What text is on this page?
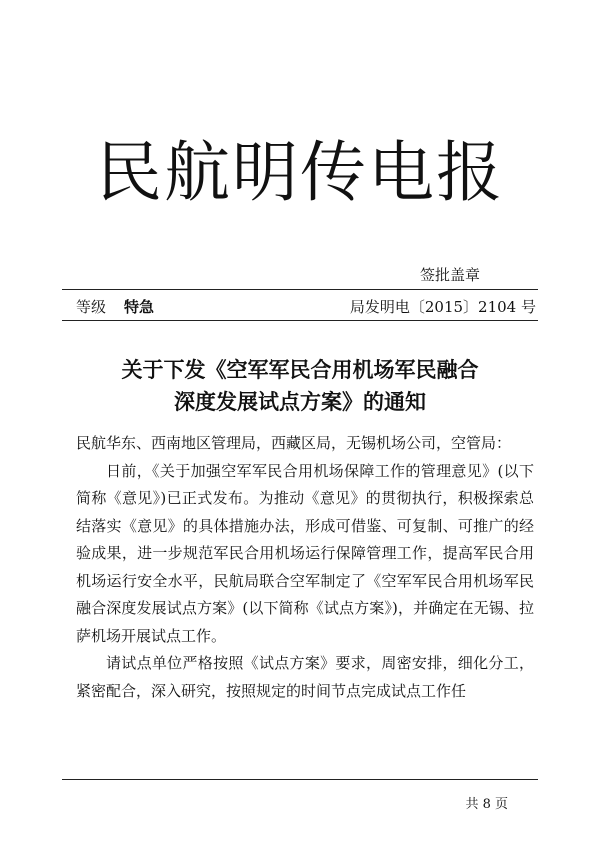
民航明传电报
签批盖章
等级 特急	局发明电〔2015〕2104 号
关于下发《空军军民合用机场军民融合
深度发展试点方案》的通知
民航华东、西南地区管理局，西藏区局，无锡机场公司，空管局：

日前，《关于加强空军军民合用机场保障工作的管理意见》(以下简称《意见》)已正式发布。为推动《意见》的贯彻执行，积极探索总结落实《意见》的具体措施办法，形成可借鉴、可复制、可推广的经验成果，进一步规范军民合用机场运行保障管理工作，提高军民合用机场运行安全水平，民航局联合空军制定了《空军军民合用机场军民融合深度发展试点方案》(以下简称《试点方案》)，并确定在无锡、拉萨机场开展试点工作。

请试点单位严格按照《试点方案》要求，周密安排，细化分工，紧密配合，深入研究，按照规定的时间节点完成试点工作任

共 8 页
